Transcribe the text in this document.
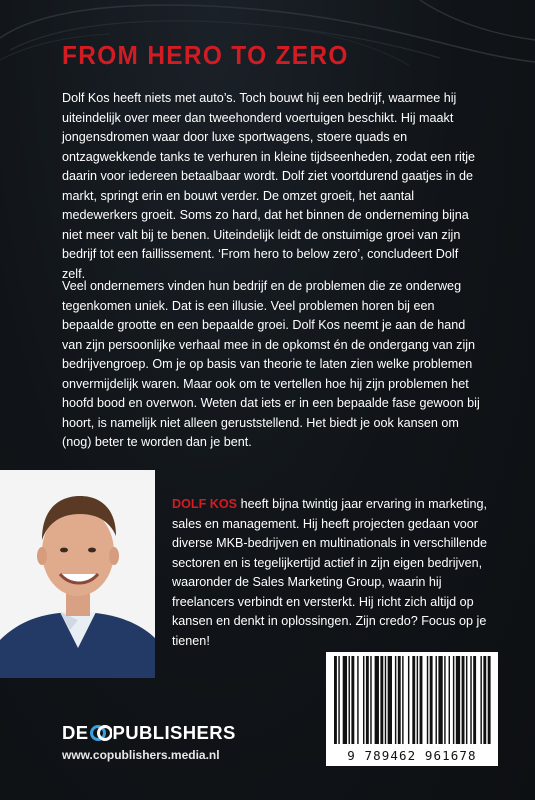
FROM HERO TO ZERO

Dolf Kos heeft niets met auto’s. Toch bouwt hij een bedrijf, waarmee hij uiteindelijk over meer dan tweehonderd voertuigen beschikt. Hij maakt jongensdromen waar door luxe sportwagens, stoere quads en ontzagwekkende tanks te verhuren in kleine tijdseenheden, zodat een ritje daarin voor iedereen betaalbaar wordt. Dolf ziet voortdurend gaatjes in de markt, springt erin en bouwt verder. De omzet groeit, het aantal medewerkers groeit. Soms zo hard, dat het binnen de onderneming bijna niet meer valt bij te benen. Uiteindelijk leidt de onstuimige groei van zijn bedrijf tot een faillissement. ‘From hero to below zero’, concludeert Dolf zelf.

Veel ondernemers vinden hun bedrijf en de problemen die ze onderweg tegenkomen uniek. Dat is een illusie. Veel problemen horen bij een bepaalde grootte en een bepaalde groei. Dolf Kos neemt je aan de hand van zijn persoonlijke verhaal mee in de opkomst én de ondergang van zijn bedrijvengroep. Om je op basis van theorie te laten zien welke problemen onvermijdelijk waren. Maar ook om te vertellen hoe hij zijn problemen het hoofd bood en overwon. Weten dat iets er in een bepaalde fase gewoon bij hoort, is namelijk niet alleen geruststellend. Het biedt je ook kansen om (nog) beter te worden dan je bent.

DOLF KOS heeft bijna twintig jaar ervaring in marketing, sales en management. Hij heeft projecten gedaan voor diverse MKB-bedrijven en multinationals in verschillende sectoren en is tegelijkertijd actief in zijn eigen bedrijven, waaronder de Sales Marketing Group, waarin hij freelancers verbindt en versterkt. Hij richt zich altijd op kansen en denkt in oplossingen. Zijn credo? Focus op je tienen!

9 789462 961678
DE PUBLISHERS
www.copublishers.media.nl
